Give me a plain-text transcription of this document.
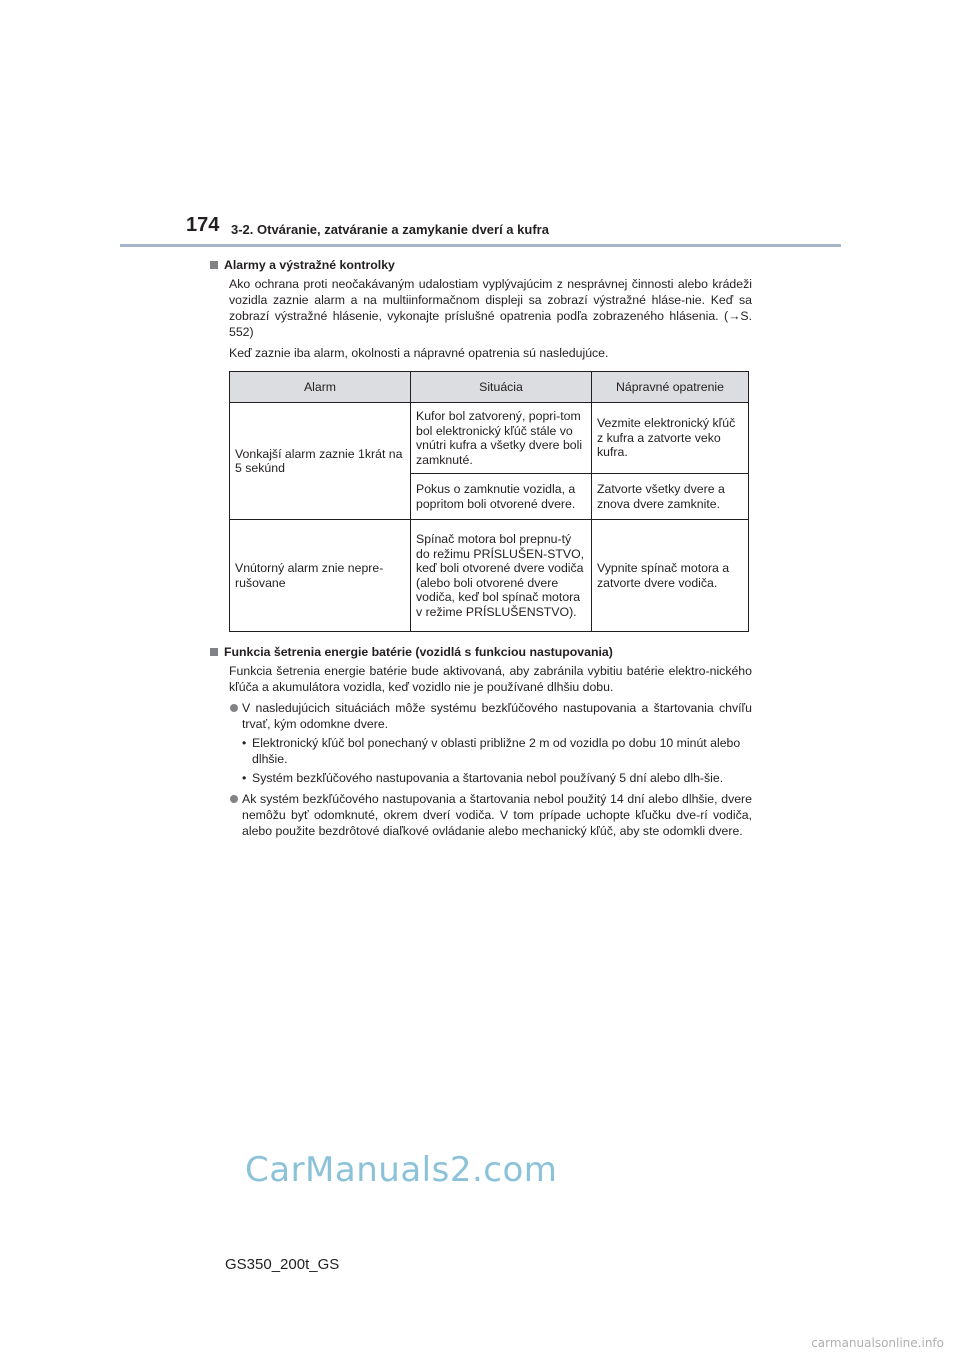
174 3-2. Otváranie, zatváranie a zamykanie dverí a kufra
Alarmy a výstražné kontrolky
Ako ochrana proti neočakávaným udalostiam vyplývajúcim z nesprávnej činnosti alebo krádeži vozidla zaznie alarm a na multiinformačnom displeji sa zobrazí výstražné hláse-nie. Keď sa zobrazí výstražné hlásenie, vykonajte príslušné opatrenia podľa zobrazeného hlásenia. (→S. 552)
Keď zaznie iba alarm, okolnosti a nápravné opatrenia sú nasledujúce.
Alarm	Situácia	Nápravné opatrenie
Vonkajší alarm zaznie 1krát na 5 sekúnd	Kufor bol zatvorený, popri-tom bol elektronický kľúč stále vo vnútri kufra a všetky dvere boli zamknuté.	Vezmite elektronický kľúč z kufra a zatvorte veko kufra.
	Pokus o zamknutie vozidla, a popritom boli otvorené dvere.	Zatvorte všetky dvere a znova dvere zamknite.
Vnútorný alarm znie nepre-rušovane	Spínač motora bol prepnu-tý do režimu PRÍSLUŠEN-STVO, keď boli otvorené dvere vodiča (alebo boli otvorené dvere vodiča, keď bol spínač motora v režime PRÍSLUŠENSTVO).	Vypnite spínač motora a zatvorte dvere vodiča.
Funkcia šetrenia energie batérie (vozidlá s funkciou nastupovania)
Funkcia šetrenia energie batérie bude aktivovaná, aby zabránila vybitiu batérie elektro-nického kľúča a akumulátora vozidla, keď vozidlo nie je používané dlhšiu dobu.
V nasledujúcich situáciách môže systému bezkľúčového nastupovania a štartovania chvíľu trvať, kým odomkne dvere.
• Elektronický kľúč bol ponechaný v oblasti približne 2 m od vozidla po dobu 10 minút alebo dlhšie.
• Systém bezkľúčového nastupovania a štartovania nebol používaný 5 dní alebo dlh-šie.
Ak systém bezkľúčového nastupovania a štartovania nebol použitý 14 dní alebo dlhšie, dvere nemôžu byť odomknuté, okrem dverí vodiča. V tom prípade uchopte kľučku dve-rí vodiča, alebo použite bezdrôtové diaľkové ovládanie alebo mechanický kľúč, aby ste odomkli dvere.
CarManuals2.com
GS350_200t_GS
carmanualsonline.info
